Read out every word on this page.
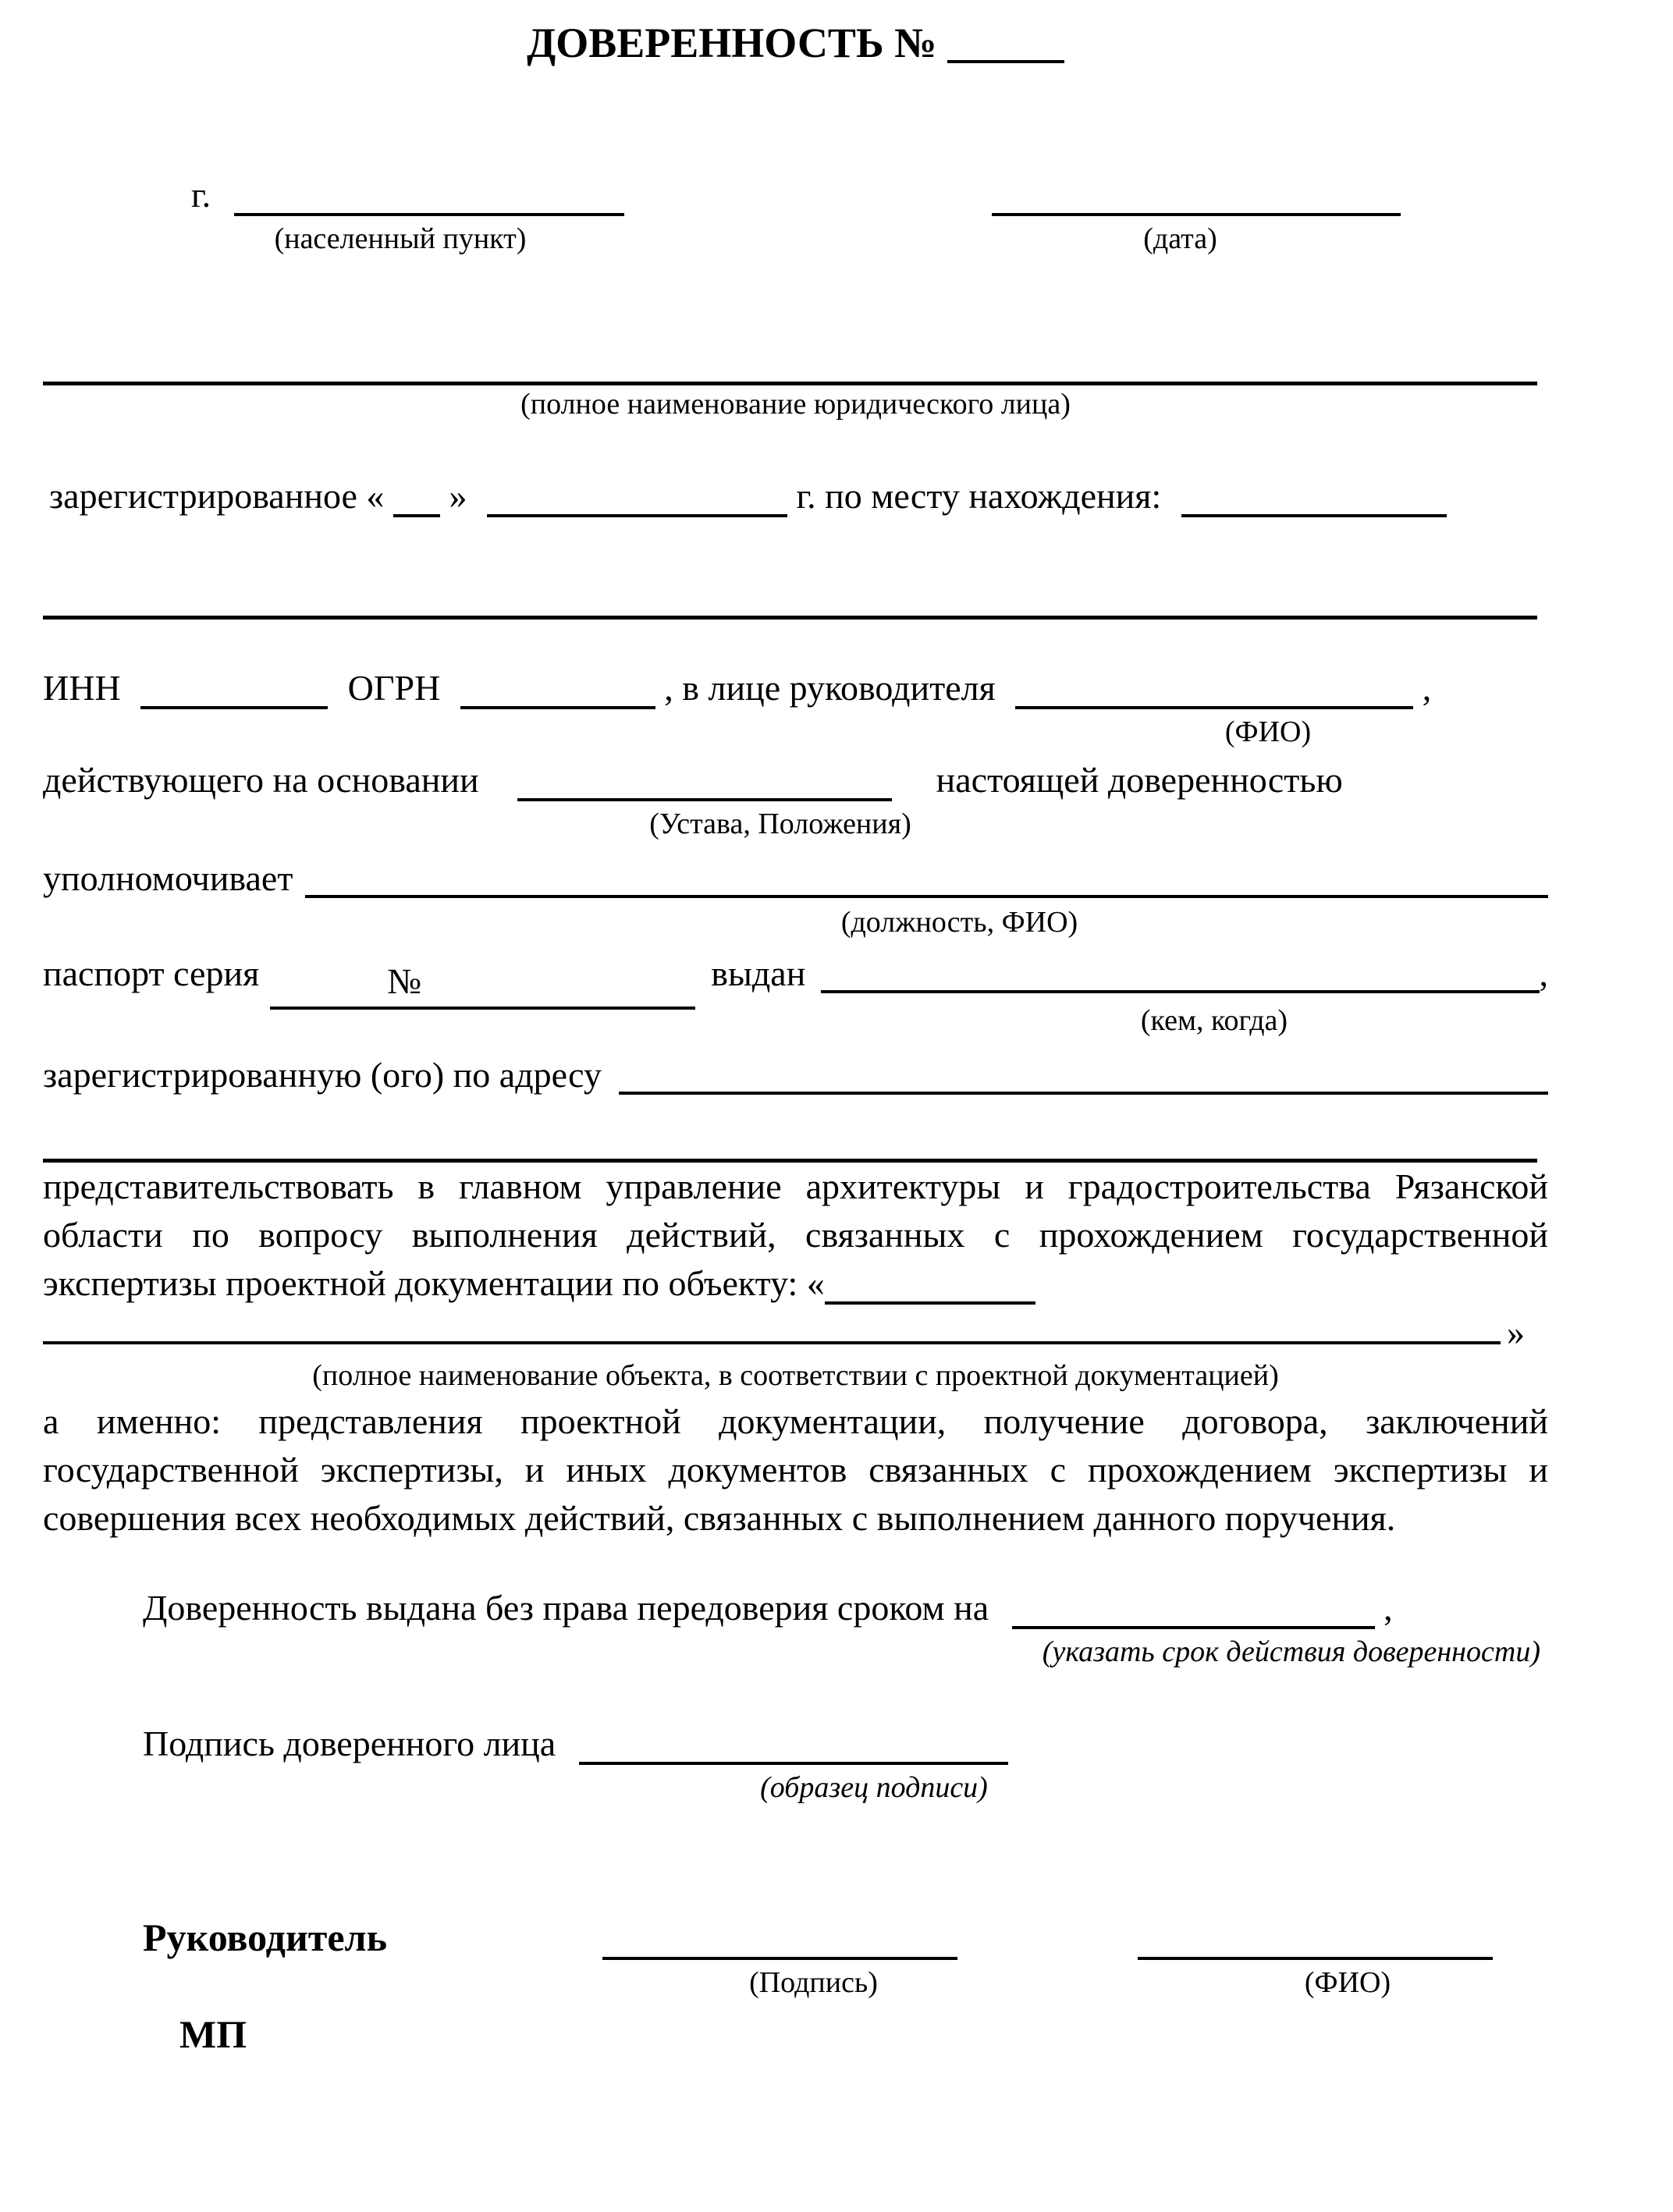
ДОВЕРЕННОСТЬ №
г.
(населенный пункт)	(дата)
(полное наименование юридического лица)
зарегистрированное « »	г. по месту нахождения:
ИНН	ОГРН	, в лице руководителя	,
(ФИО)
действующего на основании	настоящей доверенностью
(Устава, Положения)
уполномочивает
(должность, ФИО)
паспорт серия	№	выдан	,
(кем, когда)
зарегистрированную (ого) по адресу
представительствовать в главном управление архитектуры и градостроительства Рязанской области по вопросу выполнения действий, связанных с прохождением государственной экспертизы проектной документации по объекту: «
»
(полное наименование объекта, в соответствии с проектной документацией)
а именно: представления проектной документации, получение договора, заключений государственной экспертизы, и иных документов связанных с прохождением экспертизы и совершения всех необходимых действий, связанных с выполнением данного поручения.
Доверенность выдана без права передоверия сроком на	,
(указать срок действия доверенности)
Подпись доверенного лица
(образец подписи)
Руководитель
(Подпись)	(ФИО)
МП
